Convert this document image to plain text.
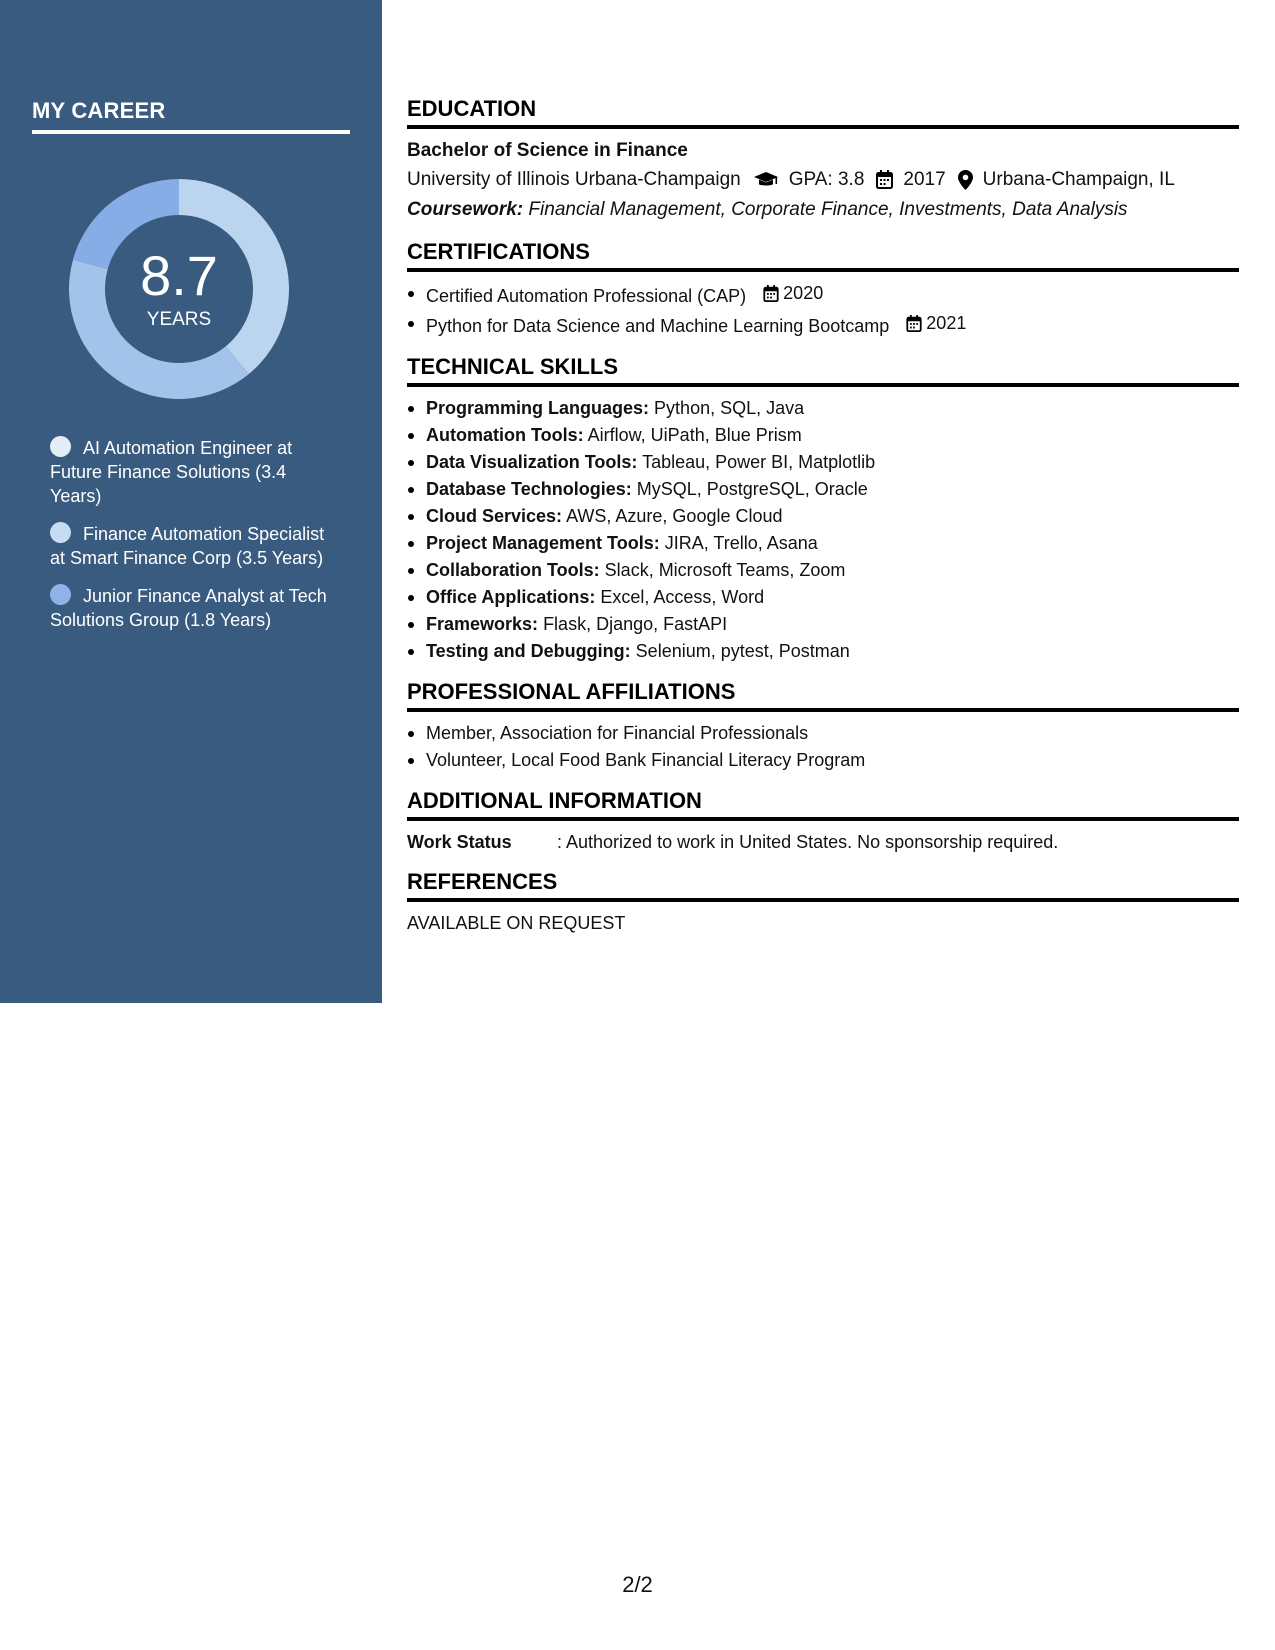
MY CAREER
8.7
YEARS
AI Automation Engineer at Future Finance Solutions (3.4 Years)
Finance Automation Specialist at Smart Finance Corp (3.5 Years)
Junior Finance Analyst at Tech Solutions Group (1.8 Years)
EDUCATION
Bachelor of Science in Finance
University of Illinois Urbana-Champaign	GPA: 3.8 2017 Urbana-Champaign, IL
Coursework: Financial Management, Corporate Finance, Investments, Data Analysis
CERTIFICATIONS
Certified Automation Professional (CAP) 2020
Python for Data Science and Machine Learning Bootcamp 2021
TECHNICAL SKILLS
Programming Languages: Python, SQL, Java
Automation Tools: Airflow, UiPath, Blue Prism
Data Visualization Tools: Tableau, Power BI, Matplotlib
Database Technologies: MySQL, PostgreSQL, Oracle
Cloud Services: AWS, Azure, Google Cloud
Project Management Tools: JIRA, Trello, Asana
Collaboration Tools: Slack, Microsoft Teams, Zoom
Office Applications: Excel, Access, Word
Frameworks: Flask, Django, FastAPI
Testing and Debugging: Selenium, pytest, Postman
PROFESSIONAL AFFILIATIONS
Member, Association for Financial Professionals
Volunteer, Local Food Bank Financial Literacy Program
ADDITIONAL INFORMATION
Work Status	: Authorized to work in United States. No sponsorship required.
REFERENCES
AVAILABLE ON REQUEST
2/2
